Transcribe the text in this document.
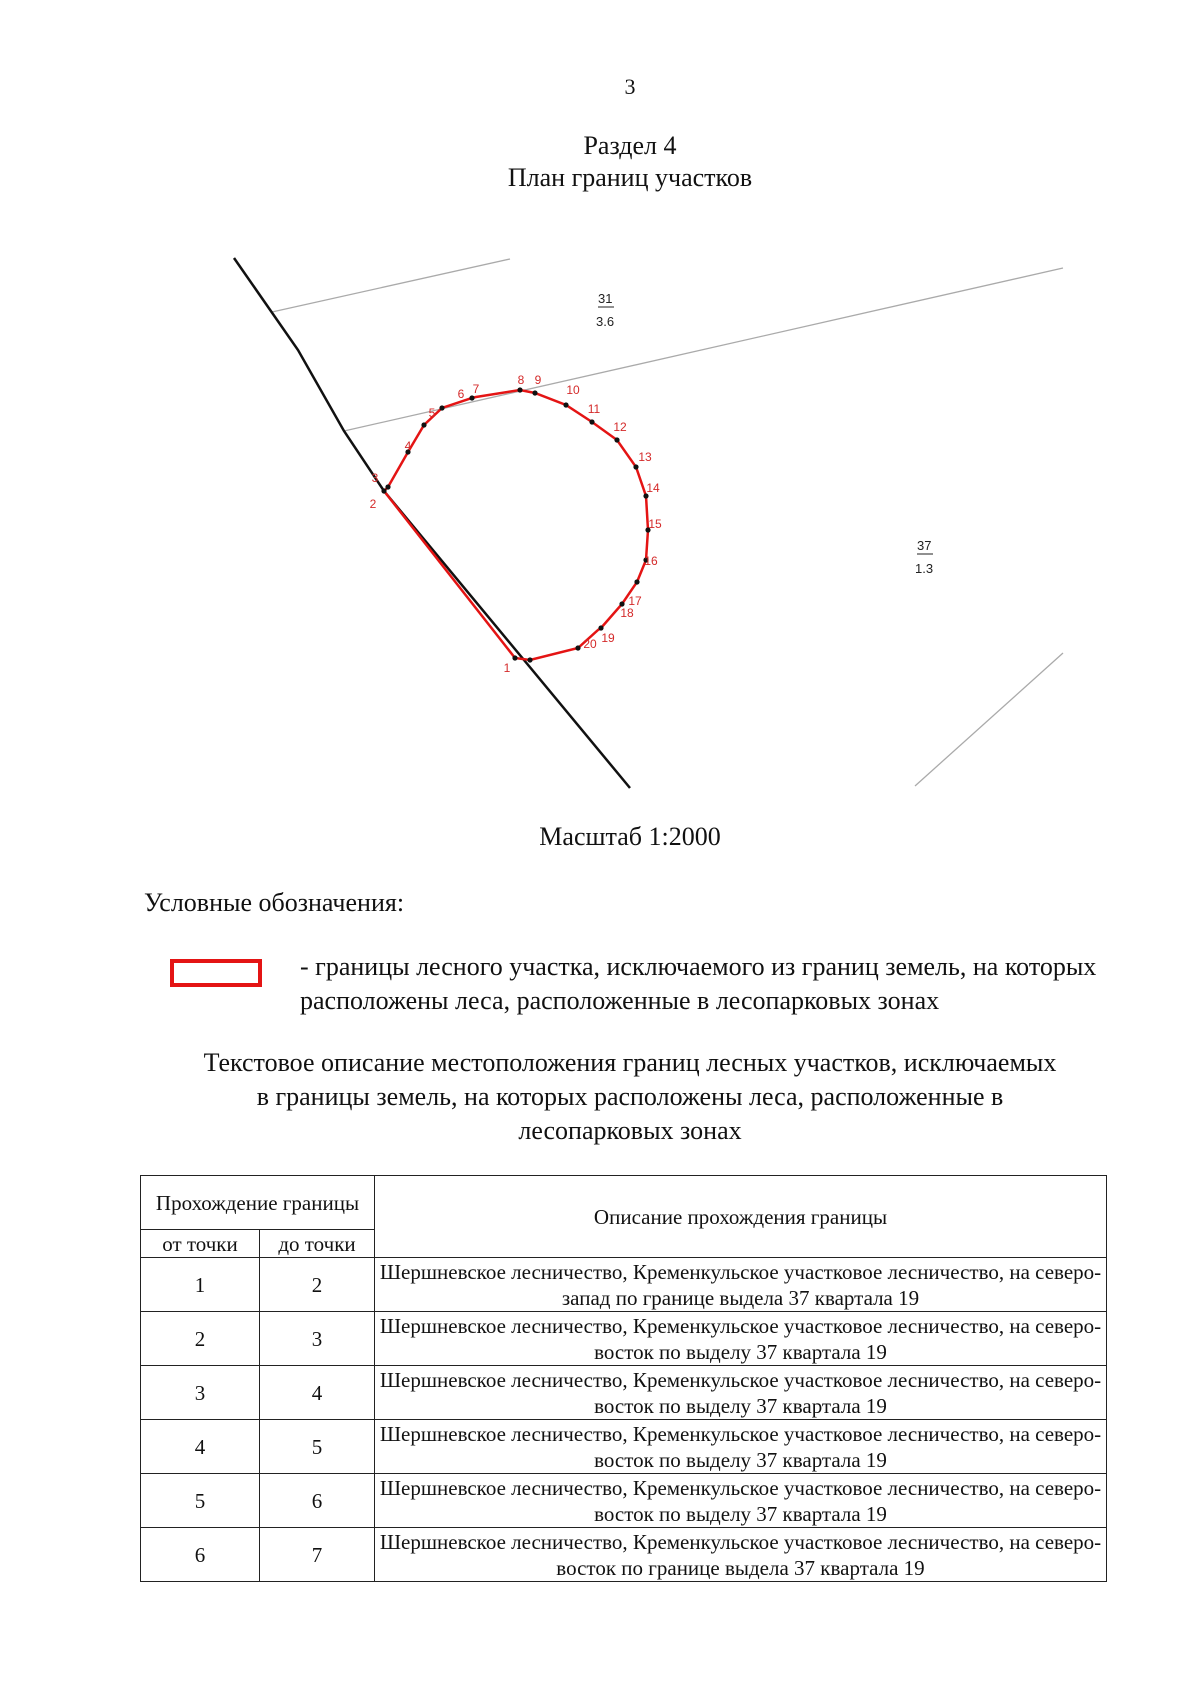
3
Раздел 4
План границ участков
1
2
3
4
5
6 7
8 9
10
11
12
13
14
15
16
17
18
19
20
31
3.6
37
1.3
Масштаб 1:2000
Условные обозначения:
- границы лесного участка, исключаемого из границ земель, на которых расположены леса, расположенные в лесопарковых зонах
Текстовое описание местоположения границ лесных участков, исключаемых в границы земель, на которых расположены леса, расположенные в лесопарковых зонах
Прохождение границы		Описание прохождения границы
от точки	до точки	
1	2	Шершневское лесничество, Кременкульское участковое лесничество, на северо-запад по границе выдела 37 квартала 19
2	3	Шершневское лесничество, Кременкульское участковое лесничество, на северо-восток по выделу 37 квартала 19
3	4	Шершневское лесничество, Кременкульское участковое лесничество, на северо-восток по выделу 37 квартала 19
4	5	Шершневское лесничество, Кременкульское участковое лесничество, на северо-восток по выделу 37 квартала 19
5	6	Шершневское лесничество, Кременкульское участковое лесничество, на северо-восток по выделу 37 квартала 19
6	7	Шершневское лесничество, Кременкульское участковое лесничество, на северо-восток по границе выдела 37 квартала 19
